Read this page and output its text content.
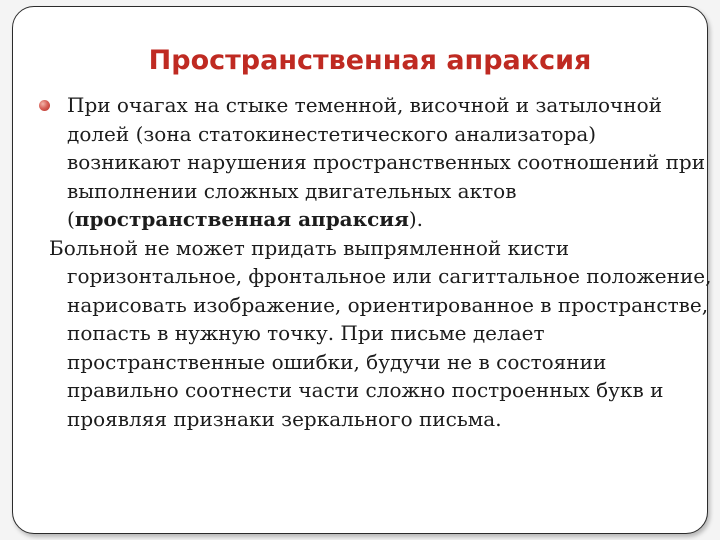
Пространственная апраксия

При очагах на стыке теменной, височной и затылочной долей (зона статокинестетического анализатора) возникают нарушения пространственных соотношений при выполнении сложных двигательных актов (пространственная апраксия).

Больной не может придать выпрямленной кисти горизонтальное, фронтальное или сагиттальное положение, нарисовать изображение, ориентированное в пространстве, попасть в нужную точку. При письме делает пространственные ошибки, будучи не в состоянии правильно соотнести части сложно построенных букв и проявляя признаки зеркального письма.
